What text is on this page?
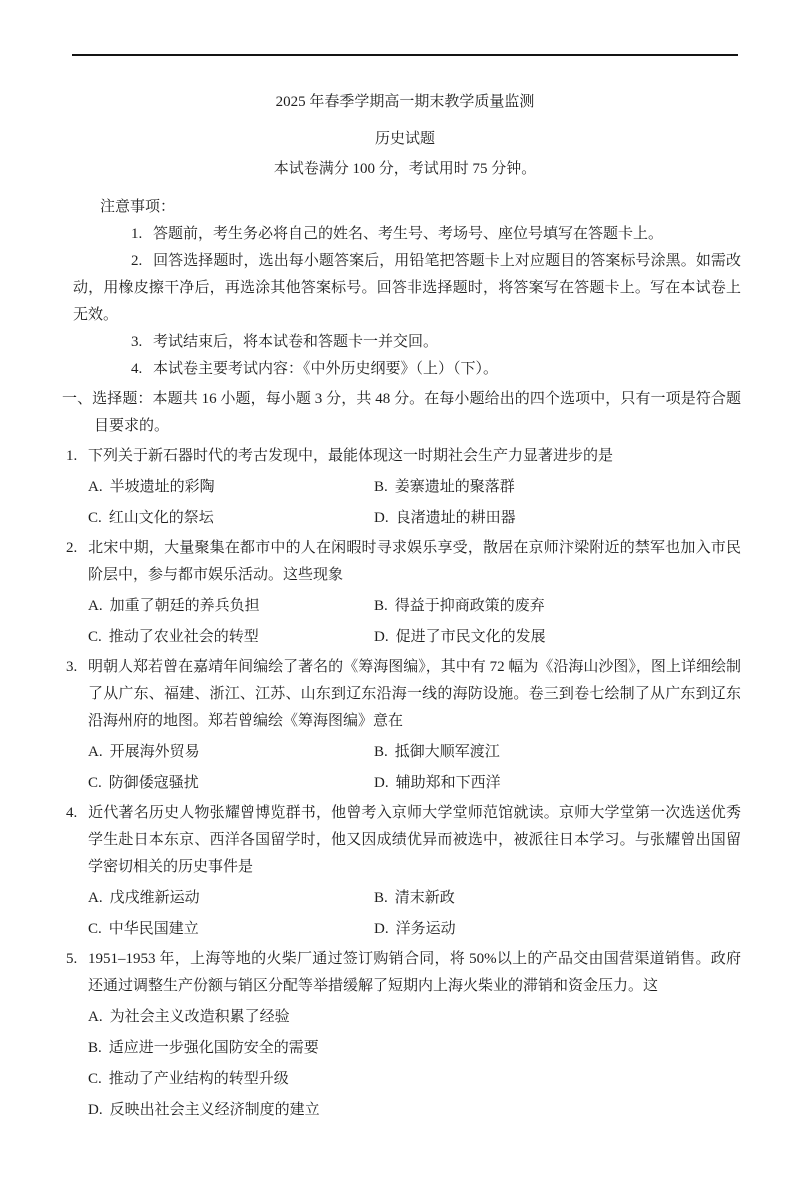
2025 年春季学期高一期末教学质量监测

历史试题

本试卷满分 100 分，考试用时 75 分钟。

注意事项：

1. 答题前，考生务必将自己的姓名、考生号、考场号、座位号填写在答题卡上。

2. 回答选择题时，选出每小题答案后，用铅笔把答题卡上对应题目的答案标号涂黑。如需改动，用橡皮擦干净后，再选涂其他答案标号。回答非选择题时，将答案写在答题卡上。写在本试卷上无效。

3. 考试结束后，将本试卷和答题卡一并交回。

4. 本试卷主要考试内容：《中外历史纲要》（上）（下）。

一、选择题：本题共 16 小题，每小题 3 分，共 48 分。在每小题给出的四个选项中，只有一项是符合题目要求的。

1. 下列关于新石器时代的考古发现中，最能体现这一时期社会生产力显著进步的是

A. 半坡遗址的彩陶	B. 姜寨遗址的聚落群
C. 红山文化的祭坛	D. 良渚遗址的耕田器

2. 北宋中期，大量聚集在都市中的人在闲暇时寻求娱乐享受，散居在京师汴梁附近的禁军也加入市民阶层中，参与都市娱乐活动。这些现象

A. 加重了朝廷的养兵负担	B. 得益于抑商政策的废弃
C. 推动了农业社会的转型	D. 促进了市民文化的发展

3. 明朝人郑若曾在嘉靖年间编绘了著名的《筹海图编》，其中有 72 幅为《沿海山沙图》，图上详细绘制了从广东、福建、浙江、江苏、山东到辽东沿海一线的海防设施。卷三到卷七绘制了从广东到辽东沿海州府的地图。郑若曾编绘《筹海图编》意在

A. 开展海外贸易	B. 抵御大顺军渡江
C. 防御倭寇骚扰	D. 辅助郑和下西洋

4. 近代著名历史人物张耀曾博览群书，他曾考入京师大学堂师范馆就读。京师大学堂第一次选送优秀学生赴日本东京、西洋各国留学时，他又因成绩优异而被选中，被派往日本学习。与张耀曾出国留学密切相关的历史事件是

A. 戊戌维新运动	B. 清末新政
C. 中华民国建立	D. 洋务运动

5. 1951–1953 年，上海等地的火柴厂通过签订购销合同，将 50%以上的产品交由国营渠道销售。政府还通过调整生产份额与销区分配等举措缓解了短期内上海火柴业的滞销和资金压力。这

A. 为社会主义改造积累了经验
B. 适应进一步强化国防安全的需要
C. 推动了产业结构的转型升级
D. 反映出社会主义经济制度的建立
